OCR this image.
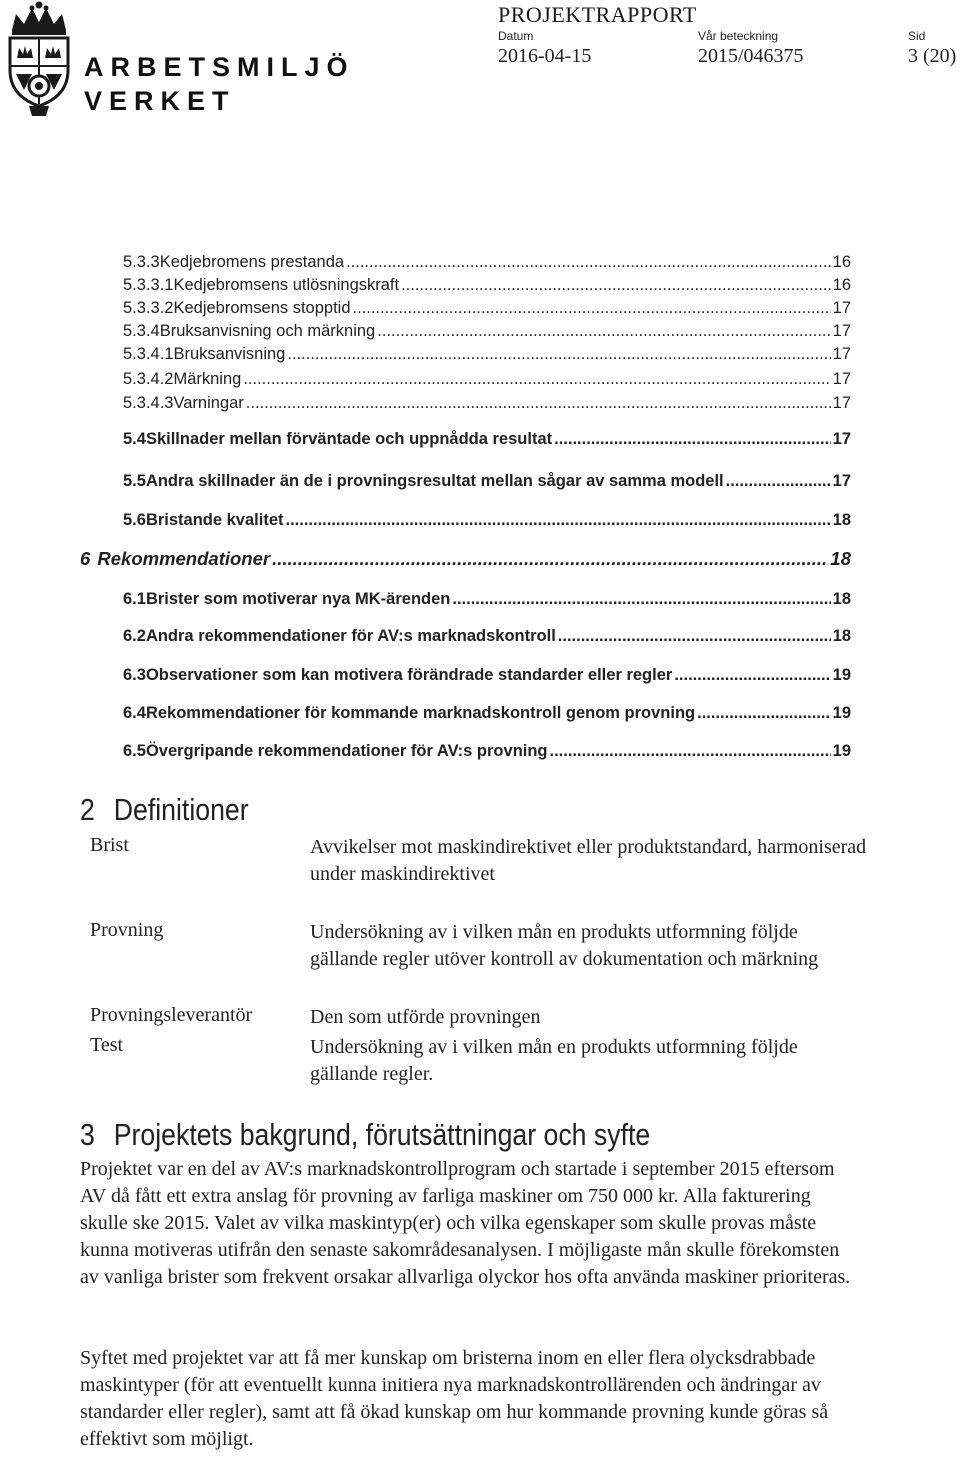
ARBETSMILJÖ
VERKET
PROJEKTRAPPORT
Datum
2016-04-15
Vår beteckning
2015/046375
Sid
3 (20)
5.3.3 Kedjebromens prestanda .....	16
5.3.3.1 Kedjebromsens utlösningskraft .....	16
5.3.3.2 Kedjebromsens stopptid .....	17
5.3.4 Bruksanvisning och märkning .....	17
5.3.4.1 Bruksanvisning .....	17
5.3.4.2 Märkning .....	17
5.3.4.3 Varningar .....	17
5.4 Skillnader mellan förväntade och uppnådda resultat .....	17
5.5 Andra skillnader än de i provningsresultat mellan sågar av samma modell .....	17
5.6 Bristande kvalitet .....	18
6 Rekommendationer .....	18
6.1 Brister som motiverar nya MK-ärenden .....	18
6.2 Andra rekommendationer för AV:s marknadskontroll .....	18
6.3 Observationer som kan motivera förändrade standarder eller regler .....	19
6.4 Rekommendationer för kommande marknadskontroll genom provning .....	19
6.5 Övergripande rekommendationer för AV:s provning .....	19
2 Definitioner
Brist	Avvikelser mot maskindirektivet eller produktstandard, harmoniserad under maskindirektivet
Provning	Undersökning av i vilken mån en produkts utformning följde gällande regler utöver kontroll av dokumentation och märkning
Provningsleverantör	Den som utförde provningen
Test	Undersökning av i vilken mån en produkts utformning följde gällande regler.
3 Projektets bakgrund, förutsättningar och syfte
Projektet var en del av AV:s marknadskontrollprogram och startade i september 2015 eftersom AV då fått ett extra anslag för provning av farliga maskiner om 750 000 kr. Alla fakturering skulle ske 2015. Valet av vilka maskintyp(er) och vilka egenskaper som skulle provas måste kunna motiveras utifrån den senaste sakområdesanalysen. I möjligaste mån skulle förekomsten av vanliga brister som frekvent orsakar allvarliga olyckor hos ofta använda maskiner prioriteras.
Syftet med projektet var att få mer kunskap om bristerna inom en eller flera olycksdrabbade maskintyper (för att eventuellt kunna initiera nya marknadskontrollärenden och ändringar av standarder eller regler), samt att få ökad kunskap om hur kommande provning kunde göras så effektivt som möjligt.
